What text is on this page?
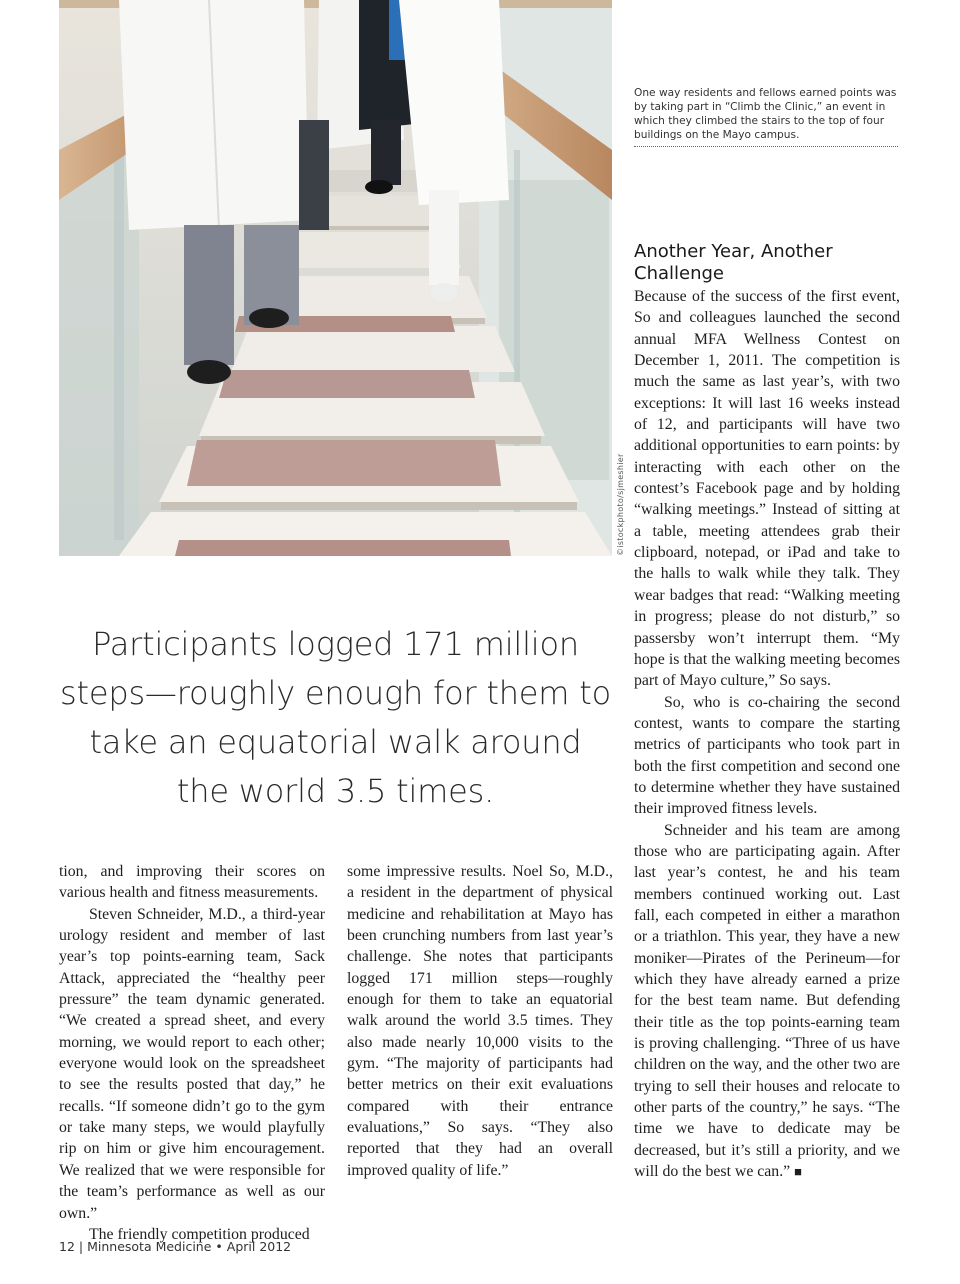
©istockphoto/sjmeshier
One way residents and fellows earned points was by taking part in “Climb the Clinic,” an event in which they climbed the stairs to the top of four buildings on the Mayo campus.
Participants logged 171 million steps—roughly enough for them to take an equatorial walk around the world 3.5 times.

tion, and improving their scores on various health and fitness measurements.

Steven Schneider, M.D., a third-year urology resident and member of last year’s top points-earning team, Sack Attack, appreciated the “healthy peer pressure” the team dynamic generated. “We created a spread sheet, and every morning, we would report to each other; everyone would look on the spreadsheet to see the results posted that day,” he recalls. “If someone didn’t go to the gym or take many steps, we would playfully rip on him or give him encouragement. We realized that we were responsible for the team’s performance as well as our own.”

The friendly competition produced

some impressive results. Noel So, M.D., a resident in the department of physical medicine and rehabilitation at Mayo has been crunching numbers from last year’s challenge. She notes that participants logged 171 million steps—roughly enough for them to take an equatorial walk around the world 3.5 times. They also made nearly 10,000 visits to the gym. “The majority of participants had better metrics on their exit evaluations compared with their entrance evaluations,” So says. “They also reported that they had an overall improved quality of life.”

Another Year, Another Challenge

Because of the success of the first event, So and colleagues launched the second annual MFA Wellness Contest on December 1, 2011. The competition is much the same as last year’s, with two exceptions: It will last 16 weeks instead of 12, and participants will have two additional opportunities to earn points: by interacting with each other on the contest’s Facebook page and by holding “walking meetings.” Instead of sitting at a table, meeting attendees grab their clipboard, notepad, or iPad and take to the halls to walk while they talk. They wear badges that read: “Walking meeting in progress; please do not disturb,” so passersby won’t interrupt them. “My hope is that the walking meeting becomes part of Mayo culture,” So says.

So, who is co-chairing the second contest, wants to compare the starting metrics of participants who took part in both the first competition and second one to determine whether they have sustained their improved fitness levels.

Schneider and his team are among those who are participating again. After last year’s contest, he and his team members continued working out. Last fall, each competed in either a marathon or a triathlon. This year, they have a new moniker—Pirates of the Perineum—for which they have already earned a prize for the best team name. But defending their title as the top points-earning team is proving challenging. “Three of us have children on the way, and the other two are trying to sell their houses and relocate to other parts of the country,” he says. “The time we have to dedicate may be decreased, but it’s still a priority, and we will do the best we can.” ■

12 | Minnesota Medicine • April 2012
